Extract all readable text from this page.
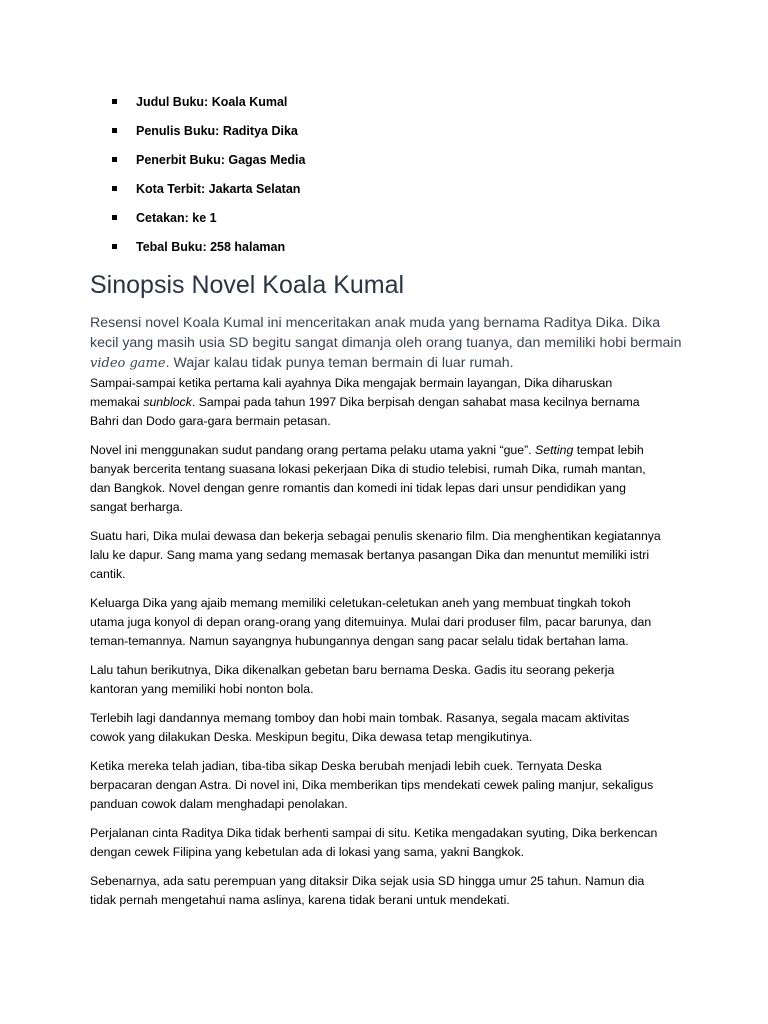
Judul Buku: Koala Kumal
Penulis Buku: Raditya Dika
Penerbit Buku: Gagas Media
Kota Terbit: Jakarta Selatan
Cetakan: ke 1
Tebal Buku: 258 halaman
Sinopsis Novel Koala Kumal

Resensi novel Koala Kumal ini menceritakan anak muda yang bernama Raditya Dika. Dika kecil yang masih usia SD begitu sangat dimanja oleh orang tuanya, dan memiliki hobi bermain video game. Wajar kalau tidak punya teman bermain di luar rumah.

Sampai-sampai ketika pertama kali ayahnya Dika mengajak bermain layangan, Dika diharuskan
memakai sunblock. Sampai pada tahun 1997 Dika berpisah dengan sahabat masa kecilnya bernama
Bahri dan Dodo gara-gara bermain petasan.

Novel ini menggunakan sudut pandang orang pertama pelaku utama yakni “gue”. Setting tempat lebih
banyak bercerita tentang suasana lokasi pekerjaan Dika di studio telebisi, rumah Dika, rumah mantan,
dan Bangkok. Novel dengan genre romantis dan komedi ini tidak lepas dari unsur pendidikan yang
sangat berharga.

Suatu hari, Dika mulai dewasa dan bekerja sebagai penulis skenario film. Dia menghentikan kegiatannya
lalu ke dapur. Sang mama yang sedang memasak bertanya pasangan Dika dan menuntut memiliki istri
cantik.

Keluarga Dika yang ajaib memang memiliki celetukan-celetukan aneh yang membuat tingkah tokoh
utama juga konyol di depan orang-orang yang ditemuinya. Mulai dari produser film, pacar barunya, dan
teman-temannya. Namun sayangnya hubungannya dengan sang pacar selalu tidak bertahan lama.

Lalu tahun berikutnya, Dika dikenalkan gebetan baru bernama Deska. Gadis itu seorang pekerja
kantoran yang memiliki hobi nonton bola.

Terlebih lagi dandannya memang tomboy dan hobi main tombak. Rasanya, segala macam aktivitas
cowok yang dilakukan Deska. Meskipun begitu, Dika dewasa tetap mengikutinya.

Ketika mereka telah jadian, tiba-tiba sikap Deska berubah menjadi lebih cuek. Ternyata Deska
berpacaran dengan Astra. Di novel ini, Dika memberikan tips mendekati cewek paling manjur, sekaligus
panduan cowok dalam menghadapi penolakan.

Perjalanan cinta Raditya Dika tidak berhenti sampai di situ. Ketika mengadakan syuting, Dika berkencan
dengan cewek Filipina yang kebetulan ada di lokasi yang sama, yakni Bangkok.

Sebenarnya, ada satu perempuan yang ditaksir Dika sejak usia SD hingga umur 25 tahun. Namun dia
tidak pernah mengetahui nama aslinya, karena tidak berani untuk mendekati.
